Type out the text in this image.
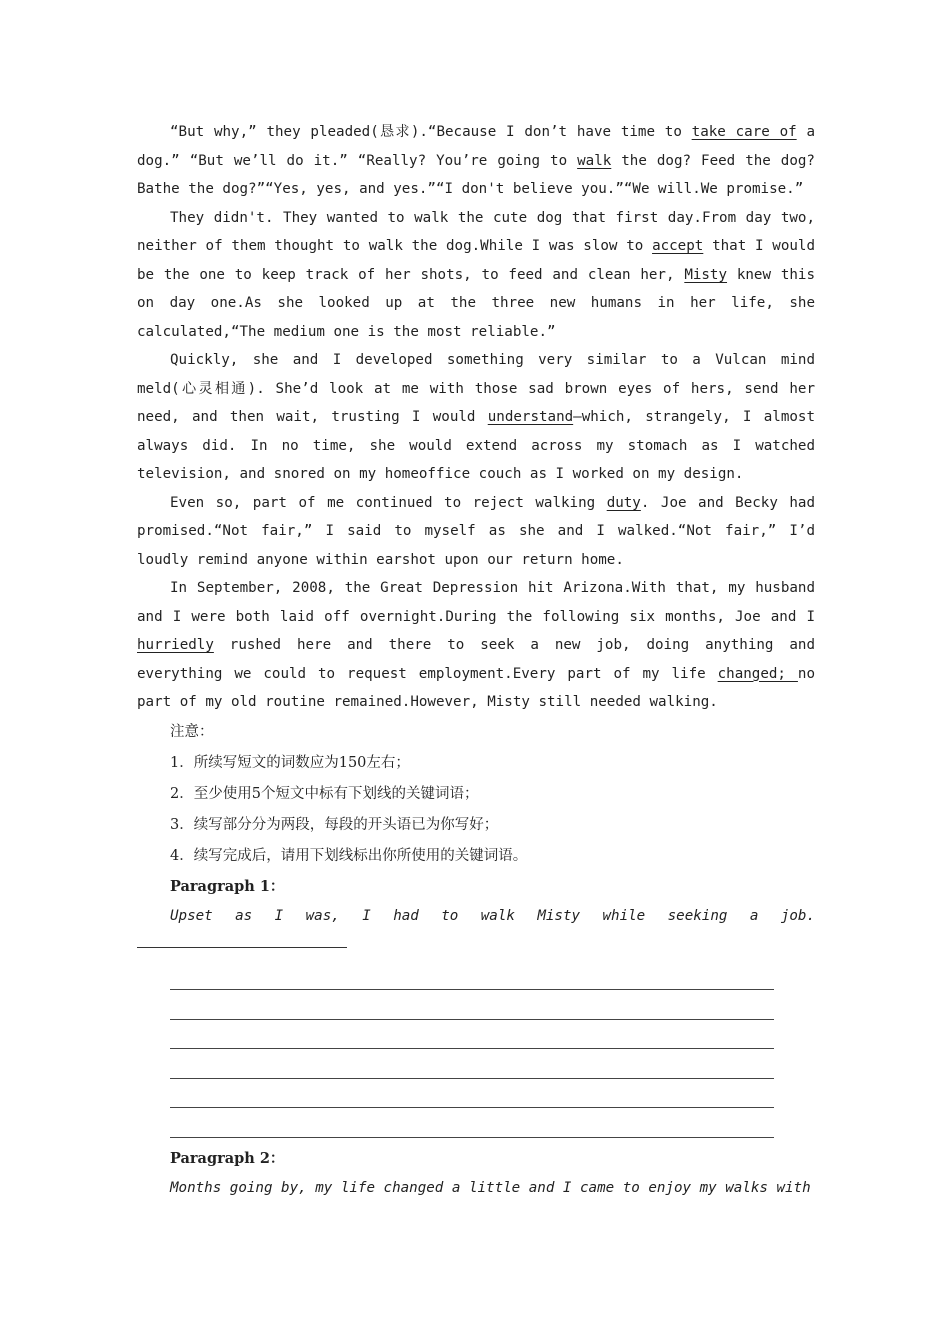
“But why,” they pleaded(恳求).“Because I don’t have time to take care of a dog.” “But we’ll do it.” “Really? You’re going to walk the dog? Feed the dog? Bathe the dog?”“Yes, yes, and yes.”“I don't believe you.”“We will.We promise.”

They didn't. They wanted to walk the cute dog that first day.From day two, neither of them thought to walk the dog.While I was slow to accept that I would be the one to keep track of her shots, to feed and clean her, Misty knew this on day one.As she looked up at the three new humans in her life, she calculated,“The medium one is the most reliable.”

Quickly, she and I developed something very similar to a Vulcan mind meld(心灵相通). She’d look at me with those sad brown eyes of hers, send her need, and then wait, trusting I would understand—which, strangely, I almost always did. In no time, she would extend across my stomach as I watched television, and snored on my homeoffice couch as I worked on my design.

Even so, part of me continued to reject walking duty. Joe and Becky had promised.“Not fair,” I said to myself as she and I walked.“Not fair,” I’d loudly remind anyone within earshot upon our return home.

In September, 2008, the Great Depression hit Arizona.With that, my husband and I were both laid off overnight.During the following six months, Joe and I hurriedly rushed here and there to seek a new job, doing anything and everything we could to request employment.Every part of my life changed; no part of my old routine remained.However, Misty still needed walking.

注意：

1．所续写短文的词数应为150左右；

2．至少使用5个短文中标有下划线的关键词语；

3．续写部分分为两段，每段的开头语已为你写好；

4．续写完成后，请用下划线标出你所使用的关键词语。

Paragraph 1：

Upset as I was, I had to walk Misty while seeking a job.

Paragraph 2：

Months going by, my life changed a little and I came to enjoy my walks with
